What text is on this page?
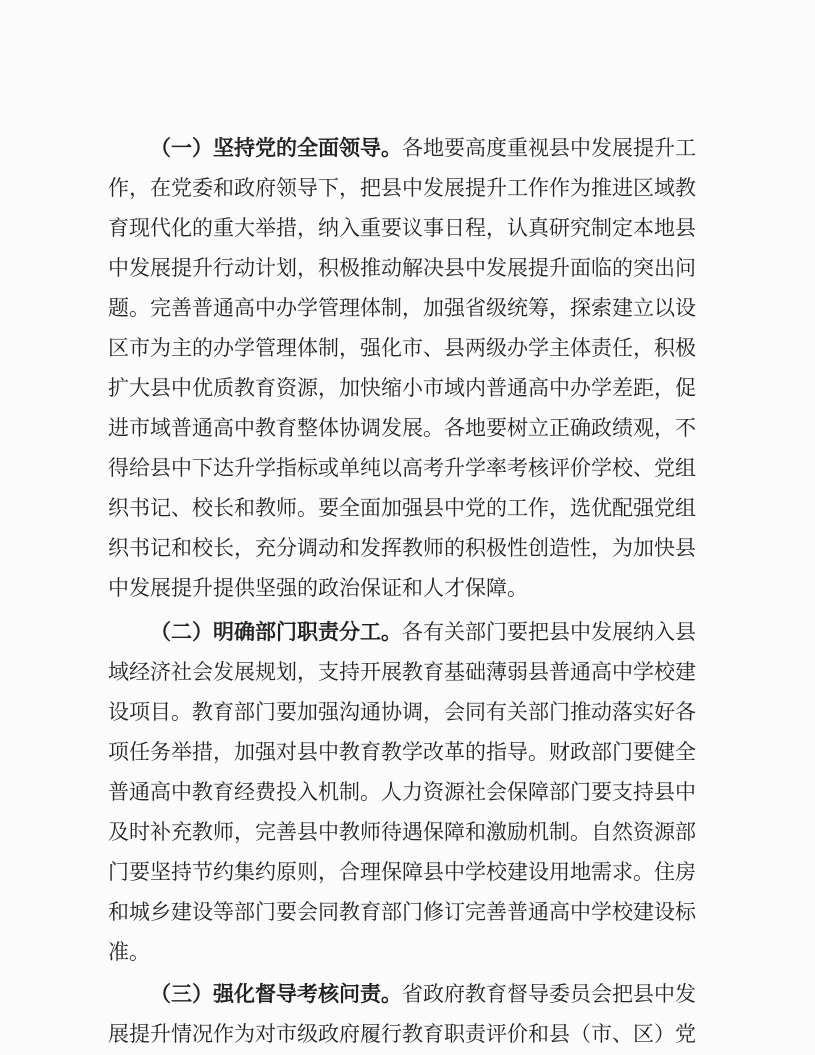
（一）坚持党的全面领导。各地要高度重视县中发展提升工
作，在党委和政府领导下，把县中发展提升工作作为推进区域教
育现代化的重大举措，纳入重要议事日程，认真研究制定本地县
中发展提升行动计划，积极推动解决县中发展提升面临的突出问
题。完善普通高中办学管理体制，加强省级统筹，探索建立以设
区市为主的办学管理体制，强化市、县两级办学主体责任，积极
扩大县中优质教育资源，加快缩小市域内普通高中办学差距，促
进市域普通高中教育整体协调发展。各地要树立正确政绩观，不
得给县中下达升学指标或单纯以高考升学率考核评价学校、党组
织书记、校长和教师。要全面加强县中党的工作，选优配强党组
织书记和校长，充分调动和发挥教师的积极性创造性，为加快县
中发展提升提供坚强的政治保证和人才保障。
（二）明确部门职责分工。各有关部门要把县中发展纳入县
域经济社会发展规划，支持开展教育基础薄弱县普通高中学校建
设项目。教育部门要加强沟通协调，会同有关部门推动落实好各
项任务举措，加强对县中教育教学改革的指导。财政部门要健全
普通高中教育经费投入机制。人力资源社会保障部门要支持县中
及时补充教师，完善县中教师待遇保障和激励机制。自然资源部
门要坚持节约集约原则，合理保障县中学校建设用地需求。住房
和城乡建设等部门要会同教育部门修订完善普通高中学校建设标
准。
（三）强化督导考核问责。省政府教育督导委员会把县中发
展提升情况作为对市级政府履行教育职责评价和县（市、区）党
